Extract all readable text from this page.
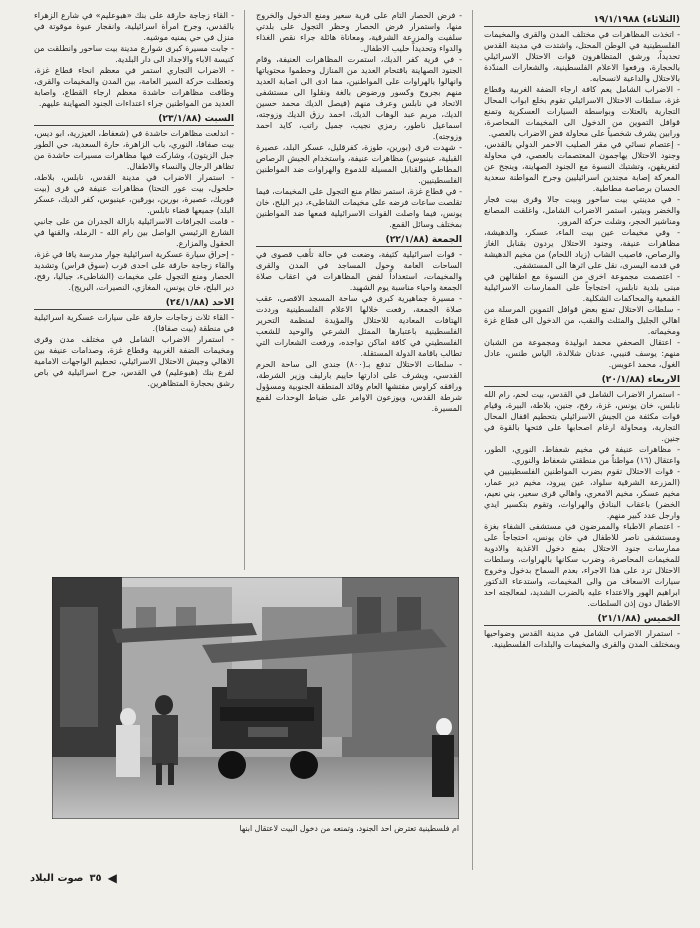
(الثلاثاء) ١٩/١/١٩٨٨

- اتخذت المظاهرات في مختلف المدن والقرى والمخيمات الفلسطينية في الوطن المحتل، واشتدت في مدينة القدس تحديداً، ورشق المتظاهرون قوات الاحتلال الاسرائيلي بالحجارة، ورفعوا الاعلام الفلسطينية، والشعارات المندّدة بالاحتلال والداعية لانسحابه.

- الاضراب الشامل يعم كافة ارجاء الضفة الغربية وقطاع غزة، سلطات الاحتلال الاسرائيلي تقوم بخلع ابواب المحال التجارية بالعتلات وبواسطة السيارات العسكرية وتمنع قوافل التموين من الدخول الى المخيمات المحاصرة، ورابين يشرف شخصياً على محاولة فض الاضراب بالعصي.

- إعتصام نسائي في مقر الصليب الاحمر الدولي بالقدس، وجنود الاحتلال يهاجمون المعتصمات بالعصي، في محاولة لتفريقهن، وتشتبك النسوة مع الجنود الصهاينة، وينجح عن المعركة إصابة مجندين اسرائيليين وجرح المواطنة سعدية الحسان برصاصة مطاطية.

- في مدينتي بيت ساحور وبيت جالا وقرى بيت فجار والخضر وبيتير، استمر الاضراب الشامل، واغلقت المصانع ومناشير الحجر، وشلت حركة المرور.

- وفي مخيمات عين بيت الماء، عسكر، والدهيشة، مظاهرات عنيفة، وجنود الاحتلال يردون بقنابل الغاز والرصاص، فاصيب الشاب (زياد اللحام) من مخيم الدهيشة في قدمه اليسرى، نقل على اثرها الى المستشفى.

- اعتصمت مجموعة اخرى من النسوة مع اطفالهن في مبنى بلدية نابلس، احتجاجاً على الممارسات الاسرائيلية القمعية والمحاكمات الشكلية.

- سلطات الاحتلال تمنع بعض قوافل التموين المرسلة من اهالي الجليل والمثلث والنقب، من الدخول الى قطاع غزة ومخيماته.

- اعتقال الصحفي محمد ابوليدة ومجموعة من الشبان منهم: يوسف قنيبي، عدنان شلالدة، الياس طنس، عادل الغول، محمد اعويس.

الاربعاء (٢٠/١/٨٨)

- استمرار الاضراب الشامل في القدس، بيت لحم، رام الله نابلس، خان يونس، غزة، رفح، جنين، بلاطة، البيرة، وقيام قوات مكثفة من الجيش الاسرائيلي بتحطيم اقفال المحال التجارية، ومحاولة ارغام اصحابها على فتحها بالقوة في جنين.

- مظاهرات عنيفة في مخيم شعفاط، النوري، الطور، واعتقال (١٦) مواطناً من منطقتي شعفاط والنوري.

- قوات الاحتلال تقوم بضرب المواطنين الفلسطينيين في (المزرعة الشرقية سلواد، عين يبرود، مخيم دير عمار، مخيم عسكر، مخيم الامعري، واهالي قرى سعير، بني نعيم، الخضر) باعقاب البنادق والهراوات، وتقوم بتكسير ايدي وارجل عدد كبير منهم.

- اعتصام الاطباء والممرضون في مستشفى الشفاء بغزة ومستشفى ناصر للاطفال في خان يونس، احتجاجاً على ممارسات جنود الاحتلال بمنع دخول الاغذية والادوية للمخيمات المحاصرة، وضرب سكانها بالهراوات، وسلطات الاحتلال ترد على هذا الاجراء، بعدم السماح بدخول وخروج سيارات الاسعاف من والى المخيمات، واستدعاء الدكتور ابراهيم الهور والاعتداء عليه بالضرب الشديد، لمعالجته احد الاطفال دون إذن السلطات.

الخميس (٢١/١/٨٨)

- استمرار الاضراب الشامل في مدينة القدس وضواحيها وبمختلف المدن والقرى والمخيمات والبلدات الفلسطينية.

- فرض الحصار التام على قرية سعير ومنع الدخول والخروج منها، واستمرار فرض الحصار وحظر التجول على بلدتي سلفيت والمزرعة الشرقية، ومعاناة هائلة جراء نقص الغذاء والدواء وتحديداً حليب الاطفال.

- في قرية كفر الديك، استمرت المظاهرات العنيفة، وقام الجنود الصهاينة باقتحام العديد من المنازل وحطموا محتوياتها وانهالوا بالهراوات على المواطنين، مما ادى الى اصابة العديد منهم بجروح وكسور ورضوض بالغة ونقلوا الى مستشفى الاتحاد في نابلس وعرف منهم (فيصل الديك محمد حسين الديك، مريم عبد الوهاب الديك، احمد رزق الديك وزوجته، اسماعيل ناطور، رمزي نجيب، جميل راتب، كايد احمد وزوجته).

- شهدت قرى (بورين، طوزة، كفرقليل، عسكر البلد، عصيرة القبلية، عينبوس) مظاهرات عنيفة، واستخدام الجيش الرصاص المطاطي والقنابل المسيلة للدموع والهراوات ضد المواطنين الفلسطينيين.

- في قطاع غزة، استمر نظام منع التجول على المخيمات، فيما تقلصت ساعات فرضه على مخيمات الشاطىء، دير البلح، خان يونس، فيما واصلت القوات الاسرائيلية قمعها ضد المواطنين بمختلف وسائل القمع.

الجمعة (٢٢/١/٨٨)

- قوات اسرائيلية كثيفة، وضعت في حالة تأهب قصوى في الساحات العامة وحول المساجد في المدن والقرى والمخيمات، استعداداً لفض المظاهرات في اعقاب صلاة الجمعة واحياء مناسبة يوم الشهيد.

- مسيرة جماهيرية كبرى في ساحة المسجد الاقصى، عقب صلاة الجمعة، رفعت خلالها الاعلام الفلسطينية ورددت الهتافات المعادية للاحتلال والمؤيدة لمنظمة التحرير الفلسطينية باعتبارها الممثل الشرعي والوحيد للشعب الفلسطيني في كافة اماكن تواجده، ورفعت الشعارات التي تطالب باقامة الدولة المستقلة.

- سلطات الاحتلال تدفع بـ(٨٠٠) جندي الى ساحة الحرم القدسي، ويشرف على ادارتها حاييم بارليف وزير الشرطة، ورافقه كراوس مفتشها العام وقائد المنطقة الجنوبية ومسؤول شرطة القدس، ويوزعون الاوامر على ضباط الوحدات لقمع المسيرة.

- القاء زجاجة حارقة على بنك «هبوعليم» في شارع الزهراء بالقدس، وجرح امرأة اسرائيلية، وانفجار عبوة موقوتة في منزل في حي يمنيه موشيه.

- جابت مسيرة كبرى شوارع مدينة بيت ساحور وانطلقت من كنيسة الاباء والاجداد الى دار البلدية.

- الاضراب التجاري استمر في معظم انحاء قطاع غزة، وتعطلت حركة السير العامة، بين المدن والمخيمات والقرى، وطافت مظاهرات حاشدة معظم ارجاء القطاع، واصابة العديد من المواطنين جراء اعتداءات الجنود الصهاينة عليهم.

السبت (٢٣/١/٨٨)

- اندلعت مظاهرات حاشدة في (شعفاط، العيزرية، ابو ديس، بيت صفافا، النوري، باب الزاهرة، حارة السعدية، حي الطور جبل الزيتون)، وشاركت فيها مظاهرات مسيرات حاشدة من تظاهر الرجال والنساء والاطفال.

- استمرار الاضراب في مدينة القدس، نابلس، بلاطة، حلحول، بيت عور التحتا) مظاهرات عنيفة في قرى (بيت فوريك، عصيرة، بورين، بورقين، عينبوس، كفر الديك، عسكر البلد) جميعها قضاء نابلس.

- قامت الجرافات الاسرائيلية بازالة الجدران من على جانبي الشارع الرئيسي الواصل بين رام الله - الرملة، والقنها في الحقول والمزارع.

- إحراق سيارة عسكرية اسرائيلية جوار مدرسة يافا في غزة، والقاء زجاجة حارقة على احدى قرب (سوق فراس) وتشديد الحصار ومنع التجول على مخيمات (الشاطىء، جباليا، رفح، دير البلح، خان يونس، المغازي، النصيرات، البريج).

الاحد (٢٤/١/٨٨)

- القاء ثلاث زجاجات حارقة على سيارات عسكرية اسرائيلية في منطقة (بيت صفافا).

- استمرار الاضراب الشامل في مختلف مدن وقرى ومخيمات الضفة الغربية وقطاع غزة، وصدامات عنيفة بين الاهالي وجيش الاحتلال الاسرائيلي، تحطيم الواجهات الامامية لفرع بنك (هبوعليم) في القدس، جرح اسرائيلية في باص رشق بحجارة المتظاهرين.

ام فلسطينية تعترض احد الجنود، وتمنعه من دخول البيت لاعتقال ابنها
◀
٣٥
صوت البلاد
